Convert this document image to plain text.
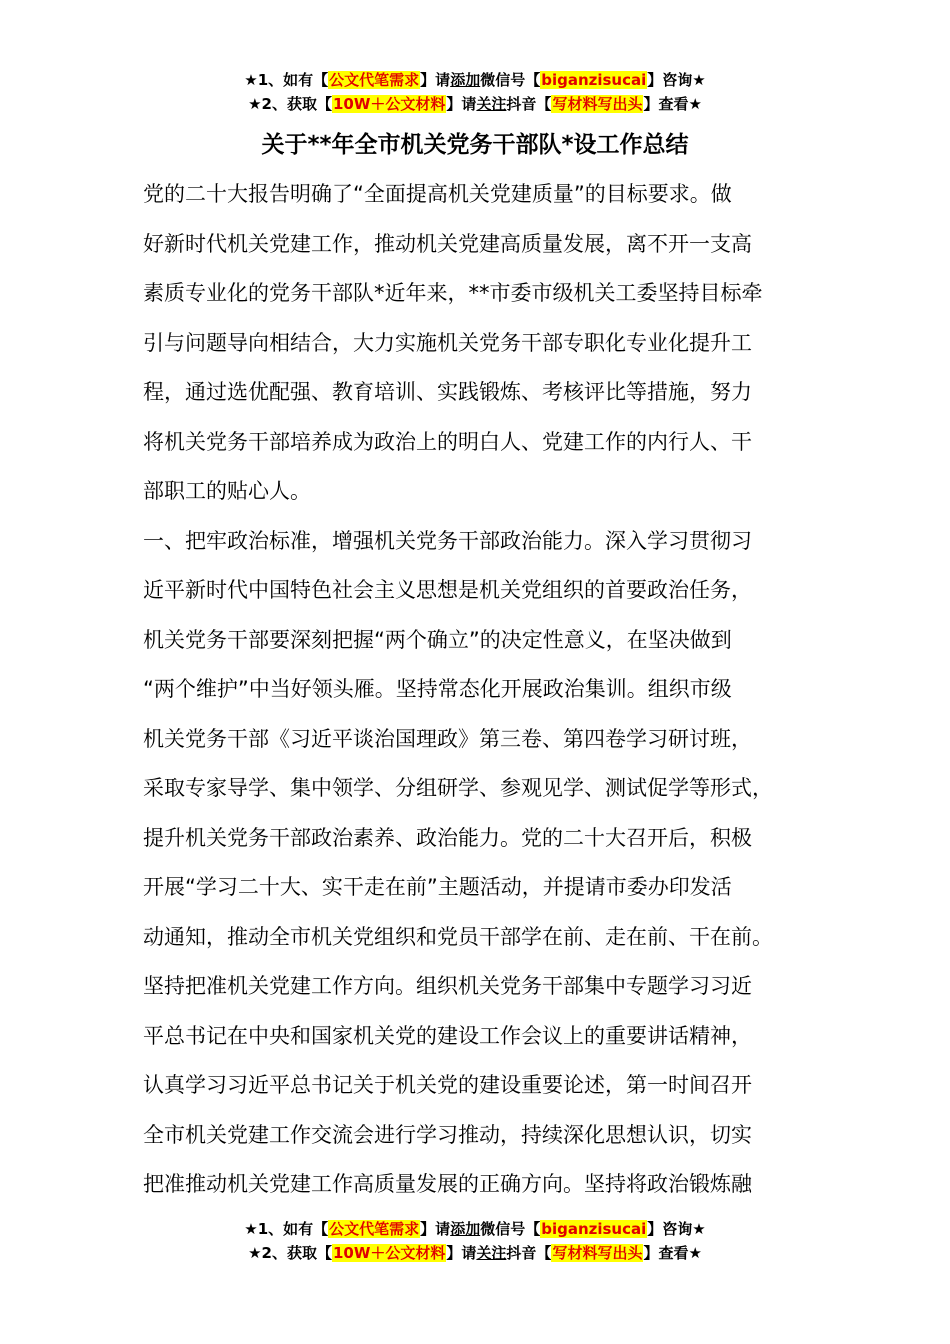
★1、如有【公文代笔需求】请添加微信号【biganzisucai】咨询★
★2、获取【10W＋公文材料】请关注抖音【写材料写出头】查看★
关于**年全市机关党务干部队*设工作总结
党的二十大报告明确了“全面提高机关党建质量”的目标要求。做
好新时代机关党建工作，推动机关党建高质量发展，离不开一支高
素质专业化的党务干部队*近年来，**市委市级机关工委坚持目标牵
引与问题导向相结合，大力实施机关党务干部专职化专业化提升工
程，通过选优配强、教育培训、实践锻炼、考核评比等措施，努力
将机关党务干部培养成为政治上的明白人、党建工作的内行人、干
部职工的贴心人。
一、把牢政治标准，增强机关党务干部政治能力。深入学习贯彻习
近平新时代中国特色社会主义思想是机关党组织的首要政治任务，
机关党务干部要深刻把握“两个确立”的决定性意义，在坚决做到
“两个维护”中当好领头雁。坚持常态化开展政治集训。组织市级
机关党务干部《习近平谈治国理政》第三卷、第四卷学习研讨班，
采取专家导学、集中领学、分组研学、参观见学、测试促学等形式，
提升机关党务干部政治素养、政治能力。党的二十大召开后，积极
开展“学习二十大、实干走在前”主题活动，并提请市委办印发活
动通知，推动全市机关党组织和党员干部学在前、走在前、干在前。
坚持把准机关党建工作方向。组织机关党务干部集中专题学习习近
平总书记在中央和国家机关党的建设工作会议上的重要讲话精神，
认真学习习近平总书记关于机关党的建设重要论述，第一时间召开
全市机关党建工作交流会进行学习推动，持续深化思想认识，切实
把准推动机关党建工作高质量发展的正确方向。坚持将政治锻炼融
★1、如有【公文代笔需求】请添加微信号【biganzisucai】咨询★
★2、获取【10W＋公文材料】请关注抖音【写材料写出头】查看★
